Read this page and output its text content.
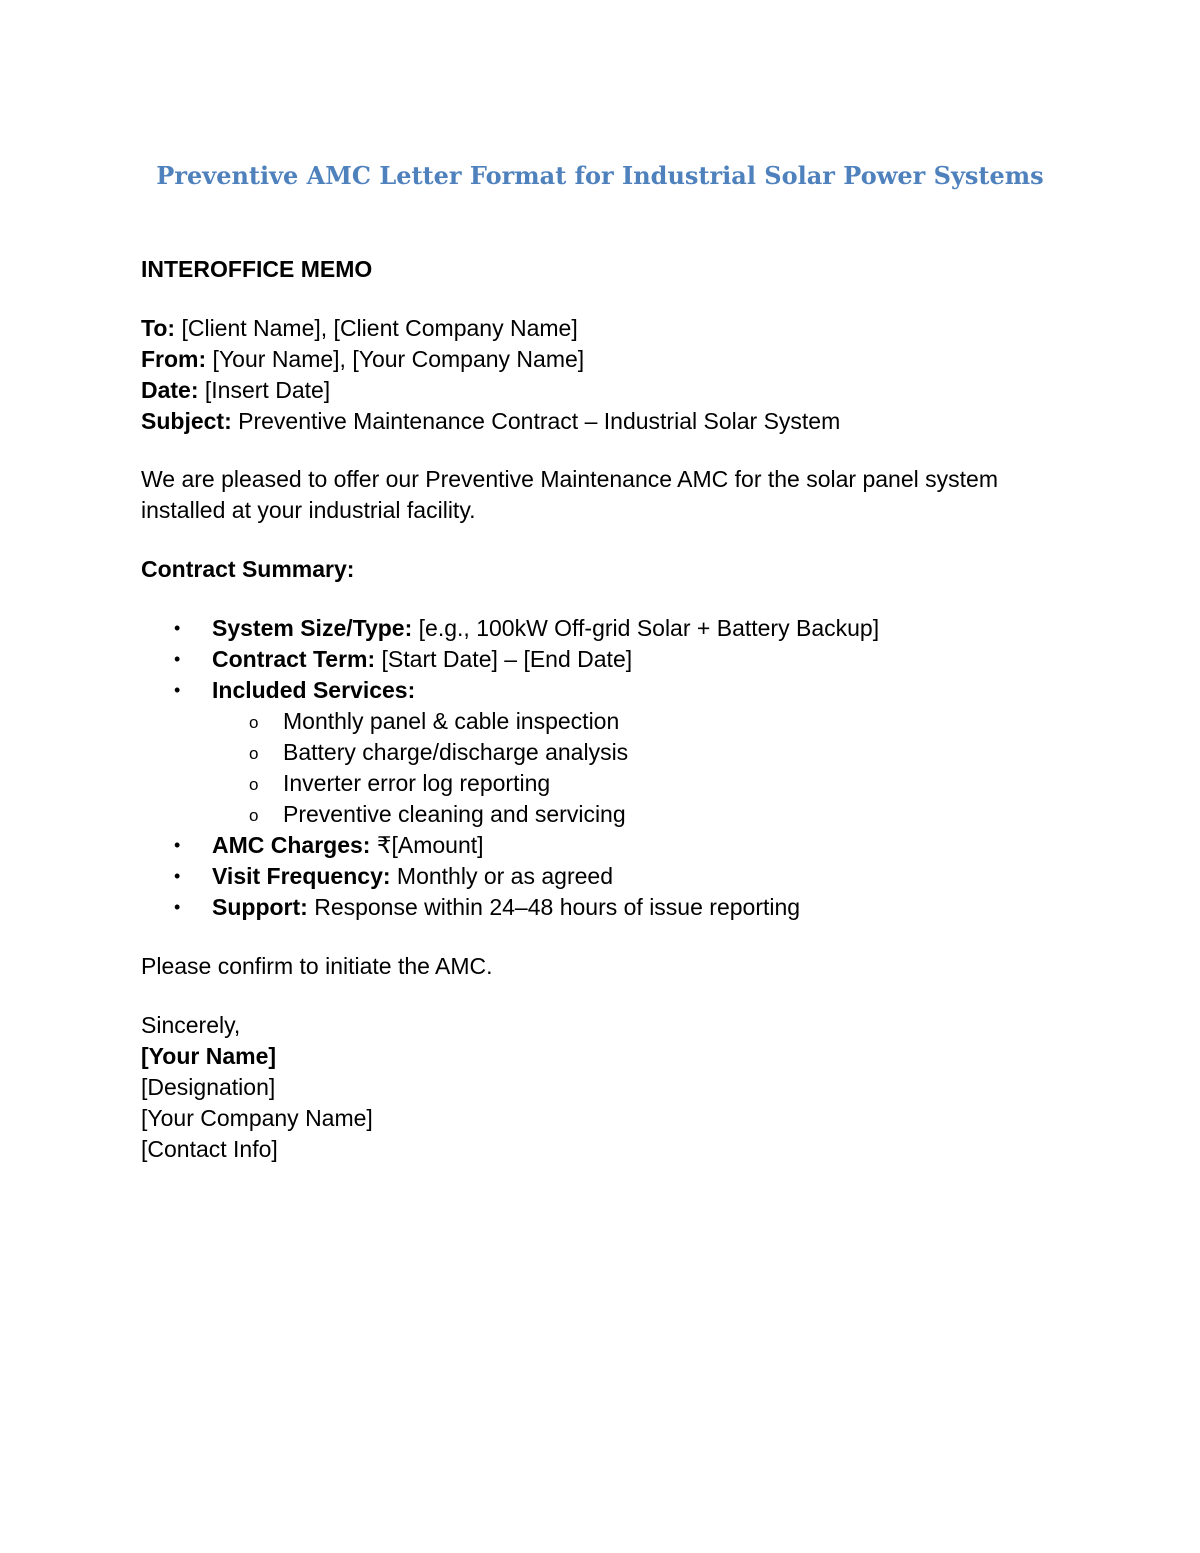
Preventive AMC Letter Format for Industrial Solar Power Systems

INTEROFFICE MEMO

To: [Client Name], [Client Company Name]

From: [Your Name], [Your Company Name]

Date: [Insert Date]

Subject: Preventive Maintenance Contract – Industrial Solar System

We are pleased to offer our Preventive Maintenance AMC for the solar panel system installed at your industrial facility.

Contract Summary:

• System Size/Type: [e.g., 100kW Off-grid Solar + Battery Backup]
• Contract Term: [Start Date] – [End Date]
• Included Services:
o Monthly panel & cable inspection
o Battery charge/discharge analysis
o Inverter error log reporting
o Preventive cleaning and servicing
• AMC Charges: ₹[Amount]
• Visit Frequency: Monthly or as agreed
• Support: Response within 24–48 hours of issue reporting

Please confirm to initiate the AMC.

Sincerely,

[Your Name]

[Designation]

[Your Company Name]

[Contact Info]
